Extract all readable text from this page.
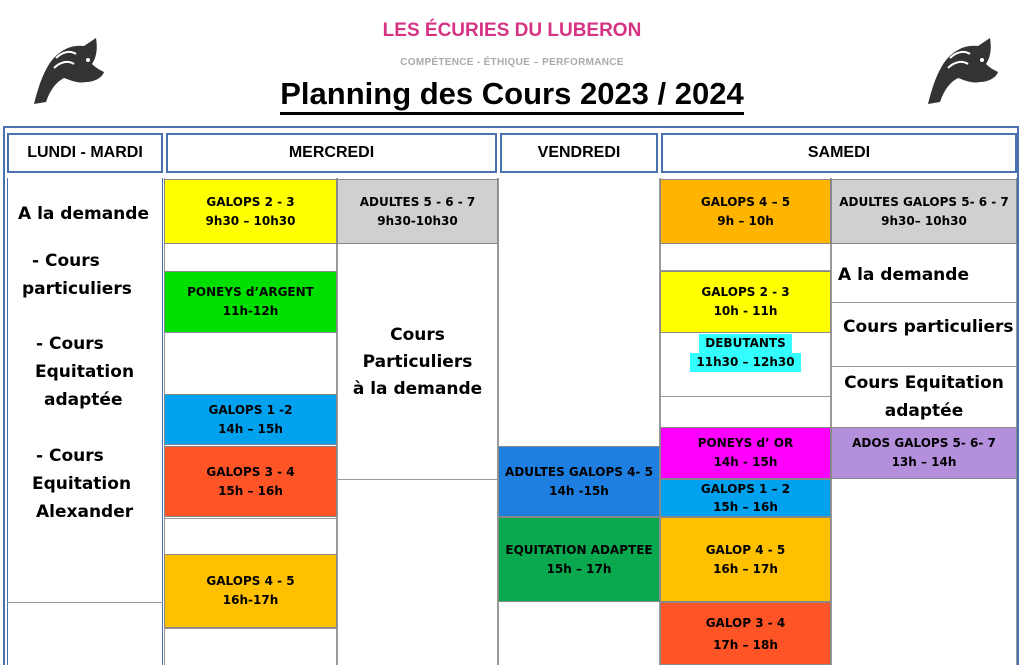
LES ÉCURIES DU LUBERON
COMPÉTENCE - ÉTHIQUE – PERFORMANCE
Planning des Cours 2023 / 2024
LUNDI - MARDI	MERCREDI	VENDREDI	SAMEDI
A la demande
- Cours
particuliers
- Cours
Equitation
adaptée
- Cours
Equitation
Alexander
GALOPS 2 - 3
9h30 – 10h30
ADULTES 5 - 6 - 7
9h30-10h30
PONEYS d’ARGENT
11h-12h
Cours
Particuliers
à la demande
GALOPS 1 -2
14h – 15h
GALOPS 3 - 4
15h – 16h
GALOPS 4 - 5
16h-17h
ADULTES GALOPS 4- 5
14h -15h
EQUITATION ADAPTEE
15h – 17h
GALOPS 4 – 5
9h – 10h
ADULTES GALOPS 5- 6 - 7
9h30– 10h30
A la demande
Cours particuliers
Cours Equitation
adaptée
GALOPS 2 - 3
10h - 11h
DEBUTANTS
11h30 – 12h30
PONEYS d’ OR
14h - 15h
ADOS GALOPS 5- 6- 7
13h – 14h
GALOPS 1 – 2
15h – 16h
GALOP 4 - 5
16h – 17h
GALOP 3 - 4
17h – 18h
